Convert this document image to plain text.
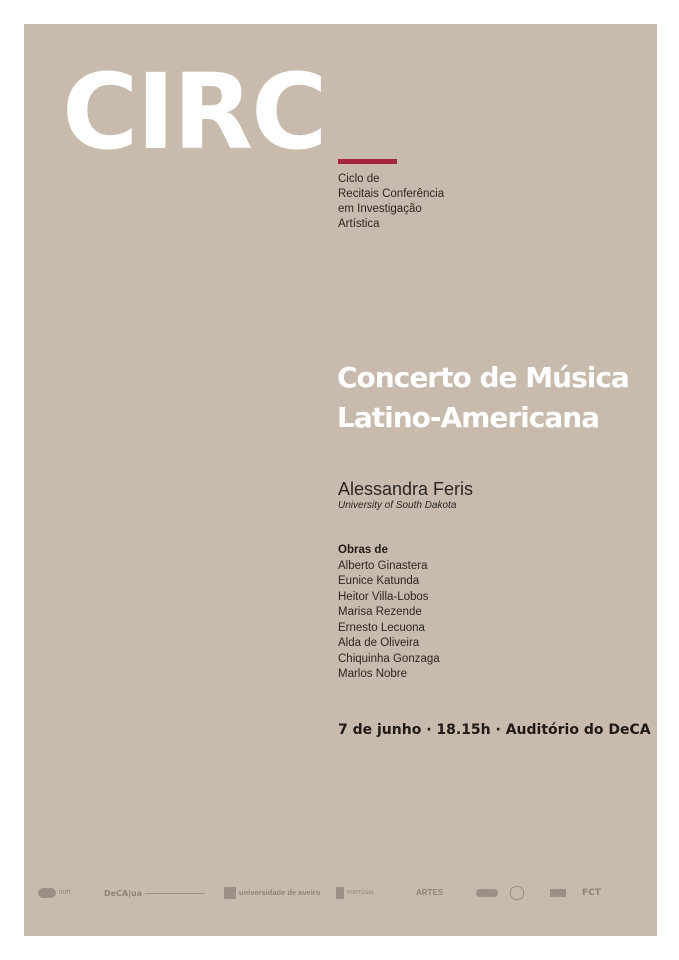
CIRC
Ciclo de
Recitais Conferência
em Investigação
Artística
Concerto de Música
Latino-Americana
Alessandra Feris
University of South Dakota
Obras de
Alberto Ginastera
Eunice Katunda
Heitor Villa-Lobos
Marisa Rezende
Ernesto Lecuona
Alda de Oliveira
Chiquinha Gonzaga
Marlos Nobre
7 de junho · 18.15h · Auditório do DeCA
inet	DeCA|ua	universidade de aveiro	PORTUGAL	ARTES	FCT
